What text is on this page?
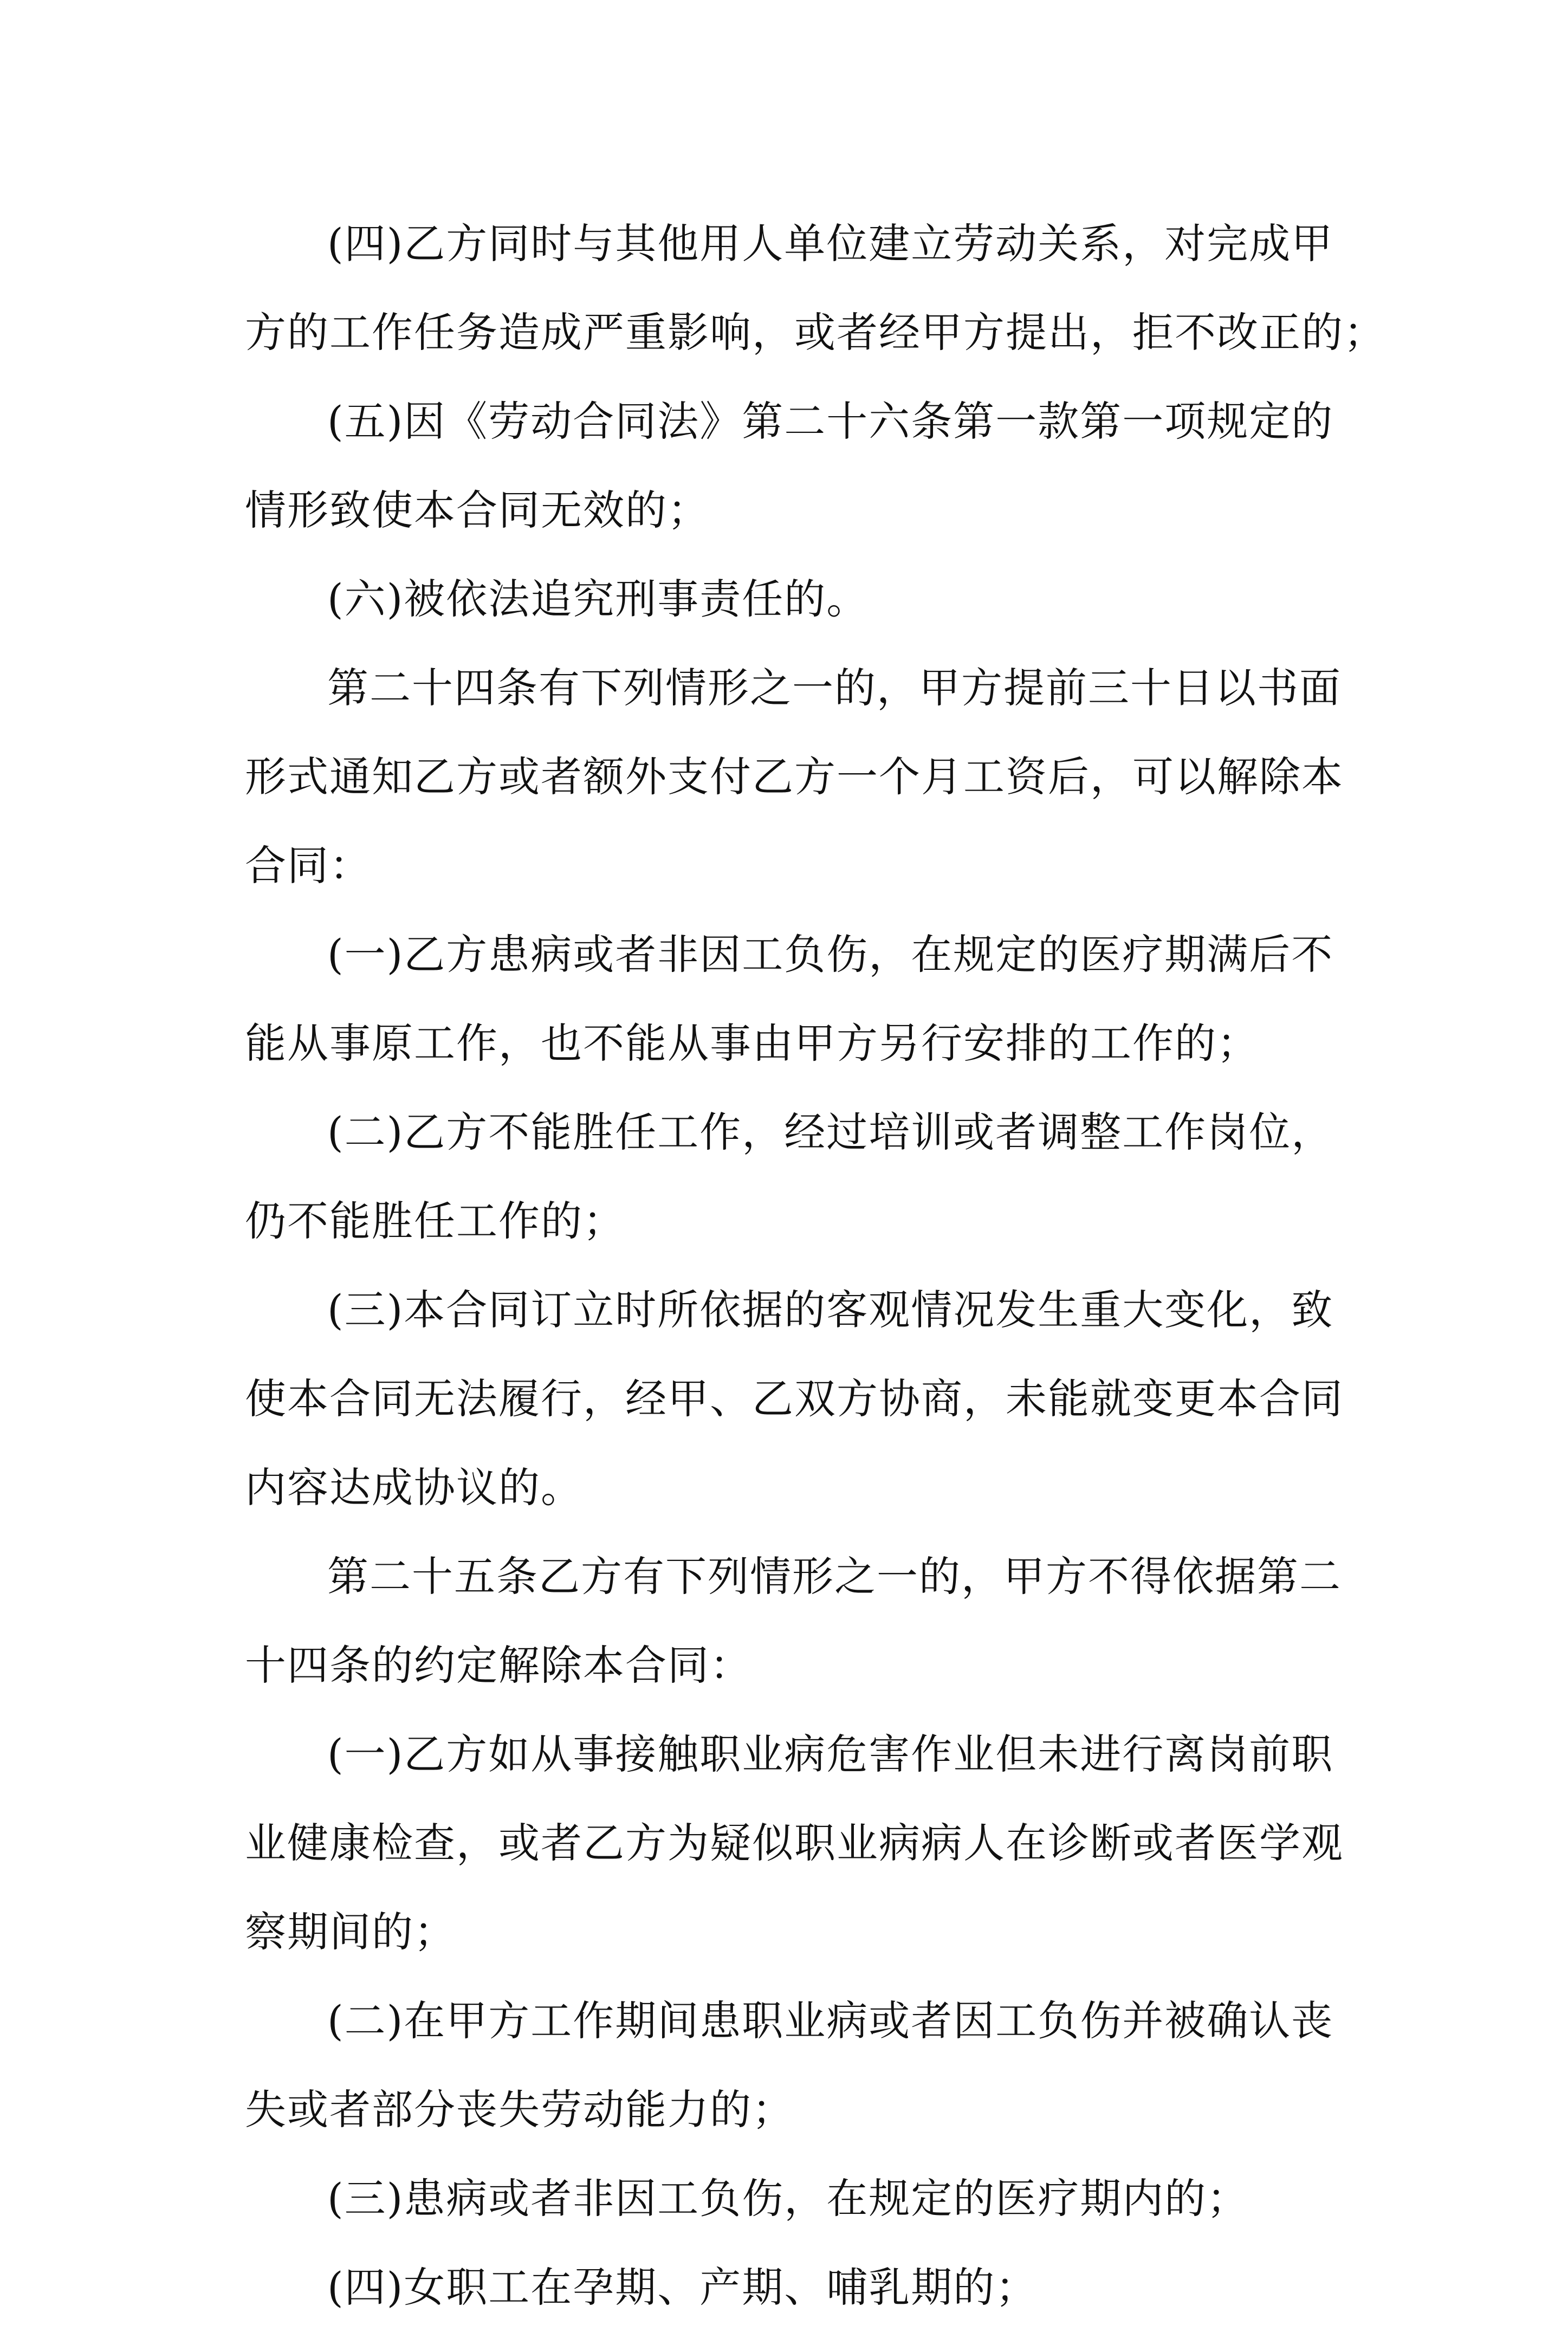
(四)乙方同时与其他用人单位建立劳动关系，对完成甲
方的工作任务造成严重影响，或者经甲方提出，拒不改正的；
(五)因《劳动合同法》第二十六条第一款第一项规定的
情形致使本合同无效的；
(六)被依法追究刑事责任的。
第二十四条有下列情形之一的，甲方提前三十日以书面
形式通知乙方或者额外支付乙方一个月工资后，可以解除本
合同：
(一)乙方患病或者非因工负伤，在规定的医疗期满后不
能从事原工作，也不能从事由甲方另行安排的工作的；
(二)乙方不能胜任工作，经过培训或者调整工作岗位，
仍不能胜任工作的；
(三)本合同订立时所依据的客观情况发生重大变化，致
使本合同无法履行，经甲、乙双方协商，未能就变更本合同
内容达成协议的。
第二十五条乙方有下列情形之一的，甲方不得依据第二
十四条的约定解除本合同：
(一)乙方如从事接触职业病危害作业但未进行离岗前职
业健康检查，或者乙方为疑似职业病病人在诊断或者医学观
察期间的；
(二)在甲方工作期间患职业病或者因工负伤并被确认丧
失或者部分丧失劳动能力的；
(三)患病或者非因工负伤，在规定的医疗期内的；
(四)女职工在孕期、产期、哺乳期的；
